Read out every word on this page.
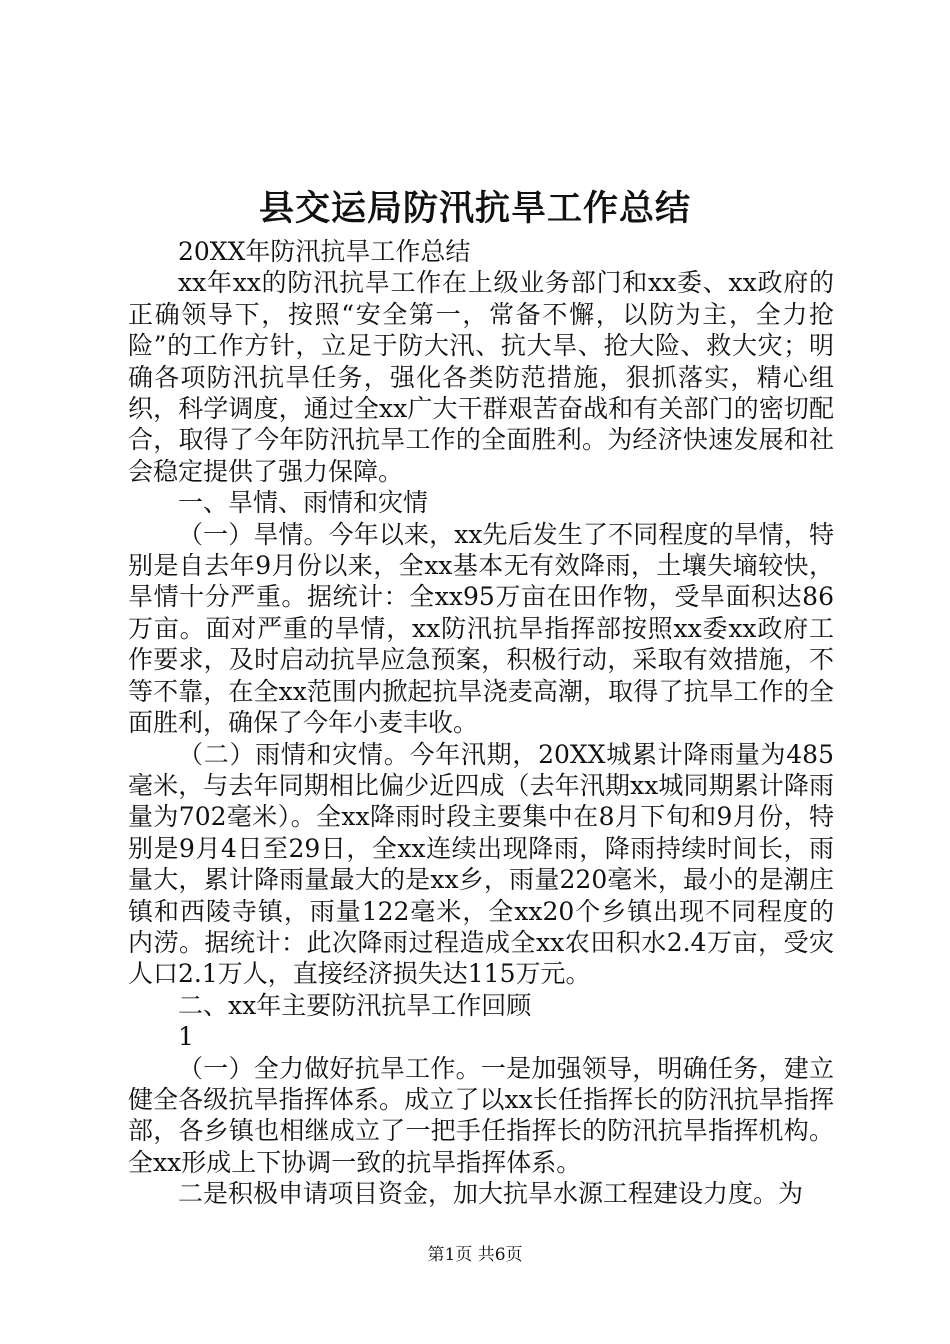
县交运局防汛抗旱工作总结

20XX年防汛抗旱工作总结

xx年xx的防汛抗旱工作在上级业务部门和xx委、xx政府的正确领导下，按照“安全第一，常备不懈，以防为主，全力抢险”的工作方针，立足于防大汛、抗大旱、抢大险、救大灾；明确各项防汛抗旱任务，强化各类防范措施，狠抓落实，精心组织，科学调度，通过全xx广大干群艰苦奋战和有关部门的密切配合，取得了今年防汛抗旱工作的全面胜利。为经济快速发展和社会稳定提供了强力保障。

一、旱情、雨情和灾情

（一）旱情。今年以来，xx先后发生了不同程度的旱情，特别是自去年9月份以来，全xx基本无有效降雨，土壤失墒较快，旱情十分严重。据统计：全xx95万亩在田作物，受旱面积达86万亩。面对严重的旱情，xx防汛抗旱指挥部按照xx委xx政府工作要求，及时启动抗旱应急预案，积极行动，采取有效措施，不等不靠，在全xx范围内掀起抗旱浇麦高潮，取得了抗旱工作的全面胜利，确保了今年小麦丰收。

（二）雨情和灾情。今年汛期，20XX城累计降雨量为485毫米，与去年同期相比偏少近四成（去年汛期xx城同期累计降雨量为702毫米）。全xx降雨时段主要集中在8月下旬和9月份，特别是9月4日至29日，全xx连续出现降雨，降雨持续时间长，雨量大，累计降雨量最大的是xx乡，雨量220毫米，最小的是潮庄镇和西陵寺镇，雨量122毫米，全xx20个乡镇出现不同程度的内涝。据统计：此次降雨过程造成全xx农田积水2.4万亩，受灾人口2.1万人，直接经济损失达115万元。

二、xx年主要防汛抗旱工作回顾

1

（一）全力做好抗旱工作。一是加强领导，明确任务，建立健全各级抗旱指挥体系。成立了以xx长任指挥长的防汛抗旱指挥部，各乡镇也相继成立了一把手任指挥长的防汛抗旱指挥机构。全xx形成上下协调一致的抗旱指挥体系。

二是积极申请项目资金，加大抗旱水源工程建设力度。为

第1页 共6页
